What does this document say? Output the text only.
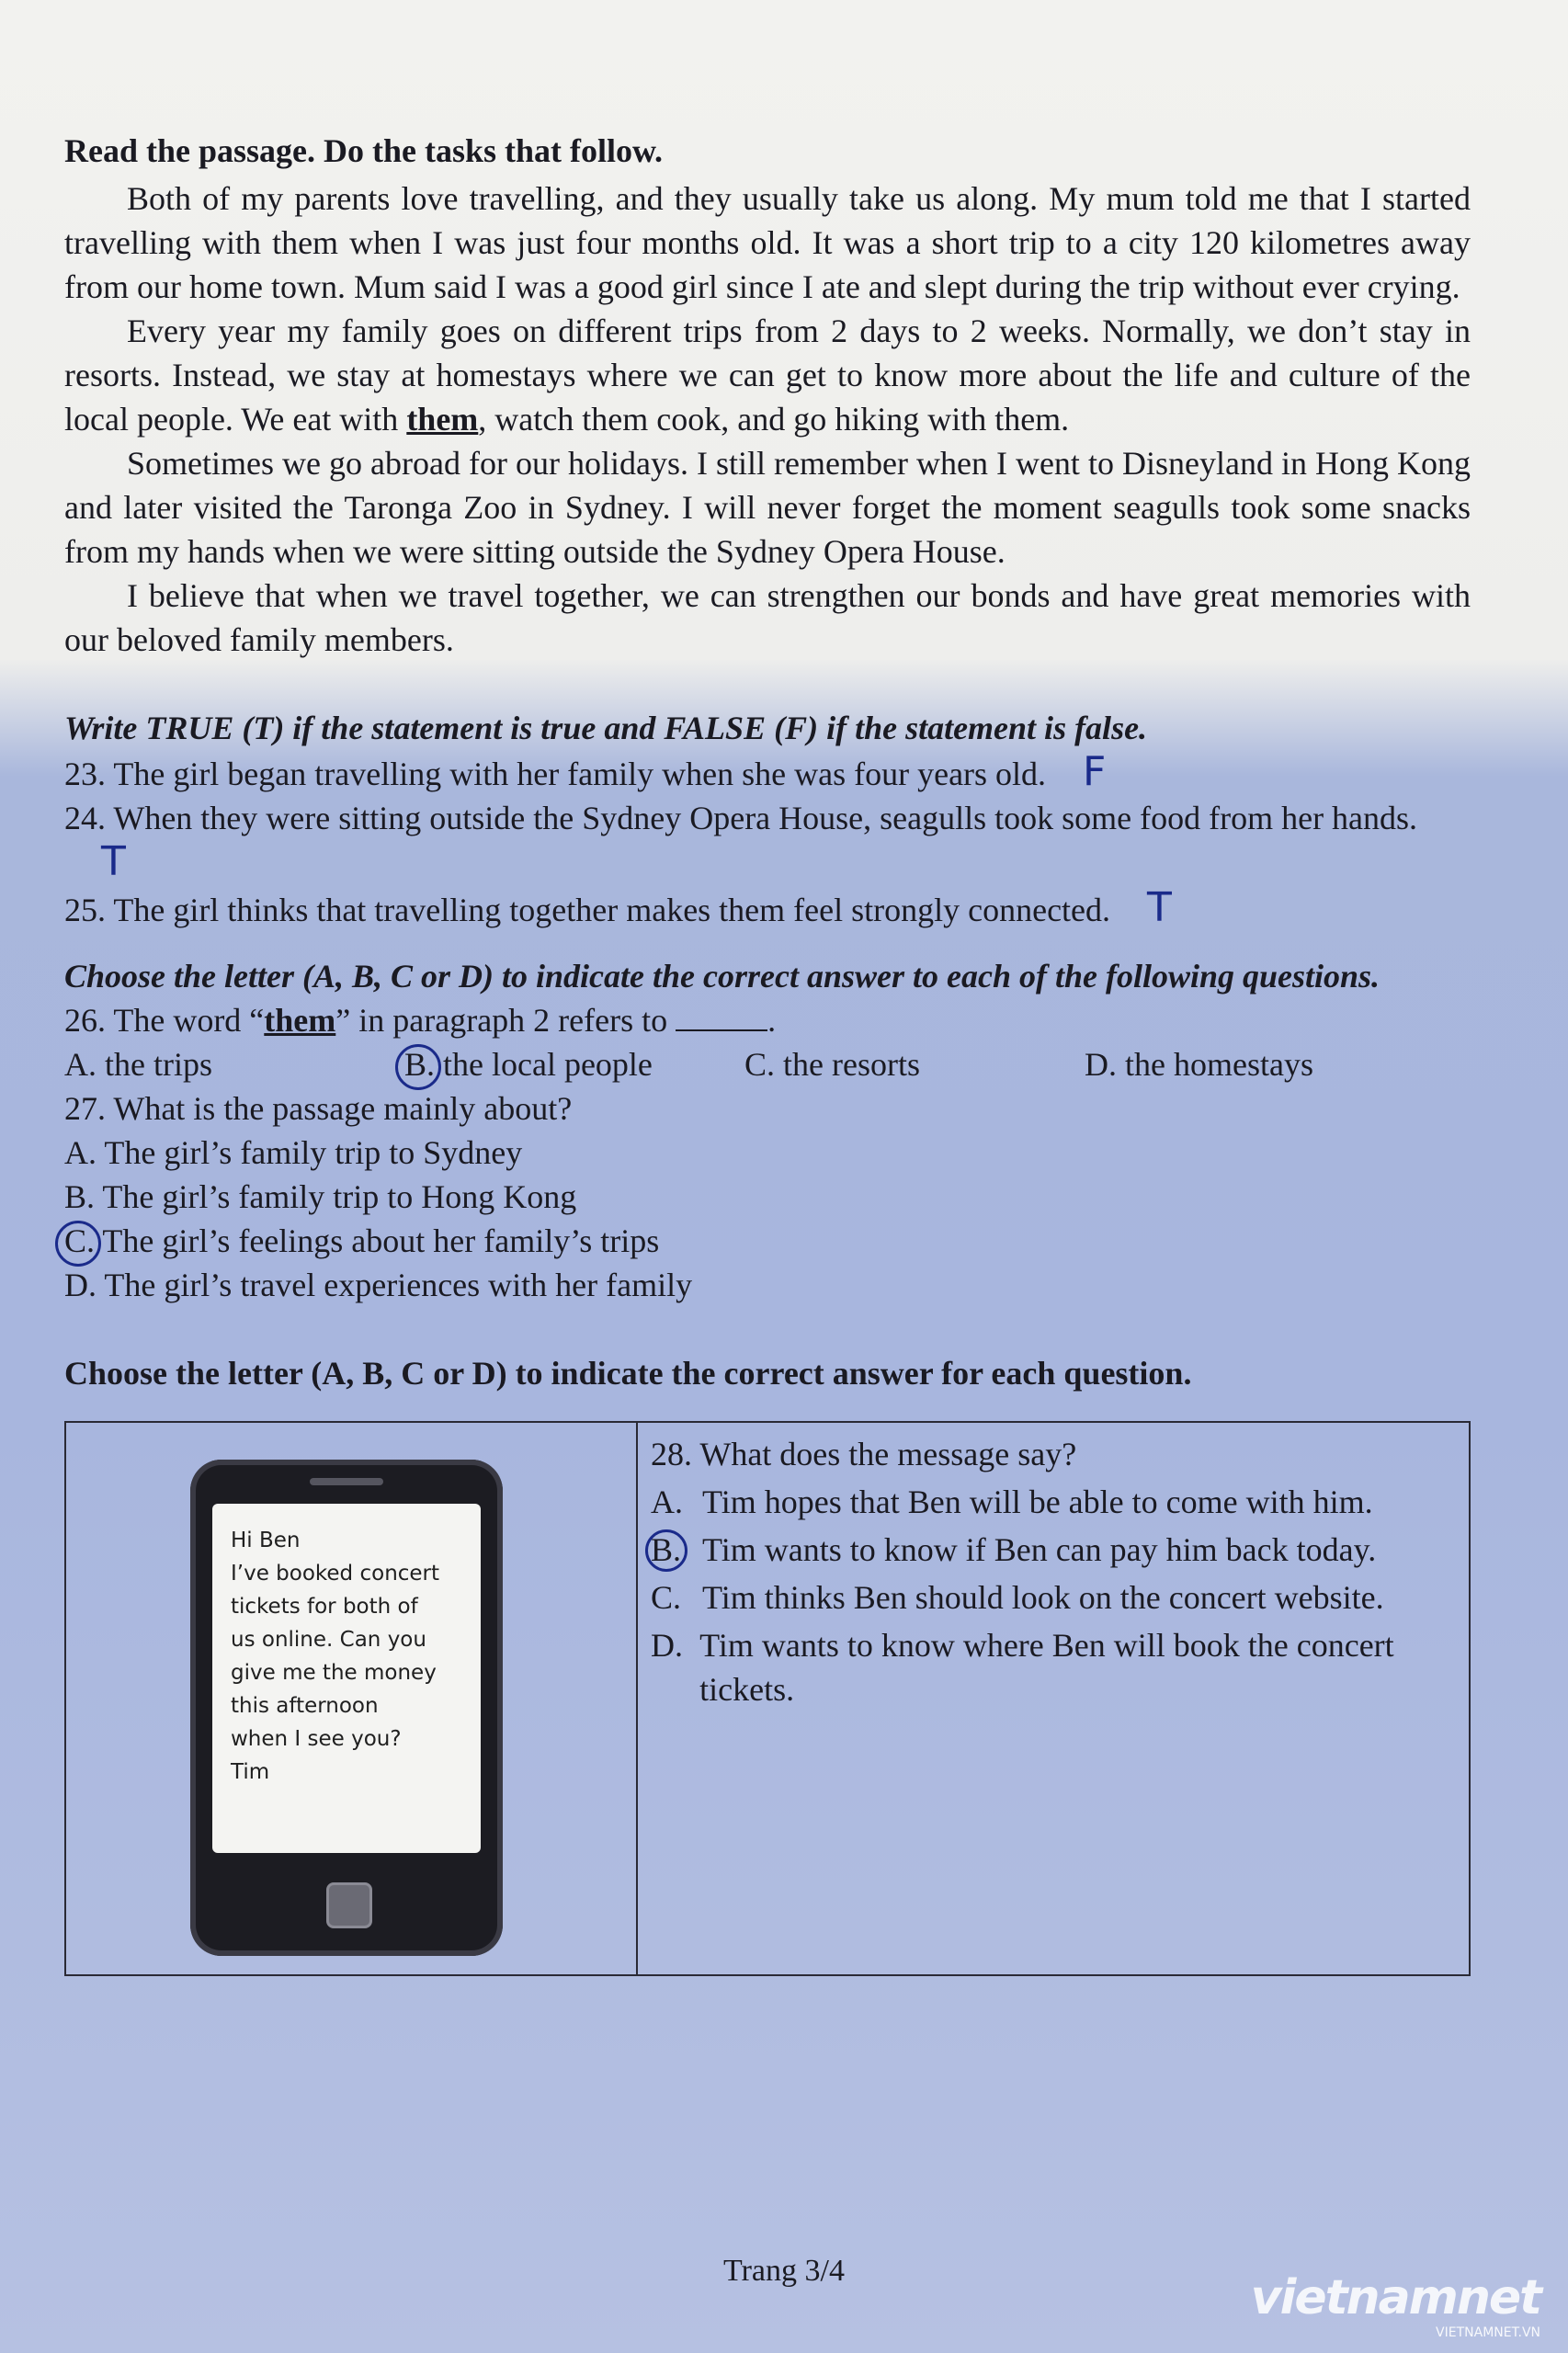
Read the passage. Do the tasks that follow.

Both of my parents love travelling, and they usually take us along. My mum told me that I started travelling with them when I was just four months old. It was a short trip to a city 120 kilometres away from our home town. Mum said I was a good girl since I ate and slept during the trip without ever crying.

Every year my family goes on different trips from 2 days to 2 weeks. Normally, we don’t stay in resorts. Instead, we stay at homestays where we can get to know more about the life and culture of the local people. We eat with them, watch them cook, and go hiking with them.

Sometimes we go abroad for our holidays. I still remember when I went to Disneyland in Hong Kong and later visited the Taronga Zoo in Sydney. I will never forget the moment seagulls took some snacks from my hands when we were sitting outside the Sydney Opera House.

I believe that when we travel together, we can strengthen our bonds and have great memories with our beloved family members.

Write TRUE (T) if the statement is true and FALSE (F) if the statement is false.

23. The girl began travelling with her family when she was four years old. F

24. When they were sitting outside the Sydney Opera House, seagulls took some food from her hands.T

25. The girl thinks that travelling together makes them feel strongly connected. T

Choose the letter (A, B, C or D) to indicate the correct answer to each of the following questions.

26. The word “them” in paragraph 2 refers to	.

A. the trips	B. the local people	C. the resorts	D. the homestays

27. What is the passage mainly about?

A. The girl’s family trip to Sydney

B. The girl’s family trip to Hong Kong

C. The girl’s feelings about her family’s trips

D. The girl’s travel experiences with her family

Choose the letter (A, B, C or D) to indicate the correct answer for each question.

Hi Ben
I’ve booked concert
tickets for both of
us online. Can you
give me the money
this afternoon
when I see you?
Tim

28. What does the message say?

A. Tim hopes that Ben will be able to come with him.
B. Tim wants to know if Ben can pay him back today.
C. Tim thinks Ben should look on the concert website.
D. Tim wants to know where Ben will book the concert tickets.
Trang 3/4	vietnamnet
VIETNAMNET.VN
